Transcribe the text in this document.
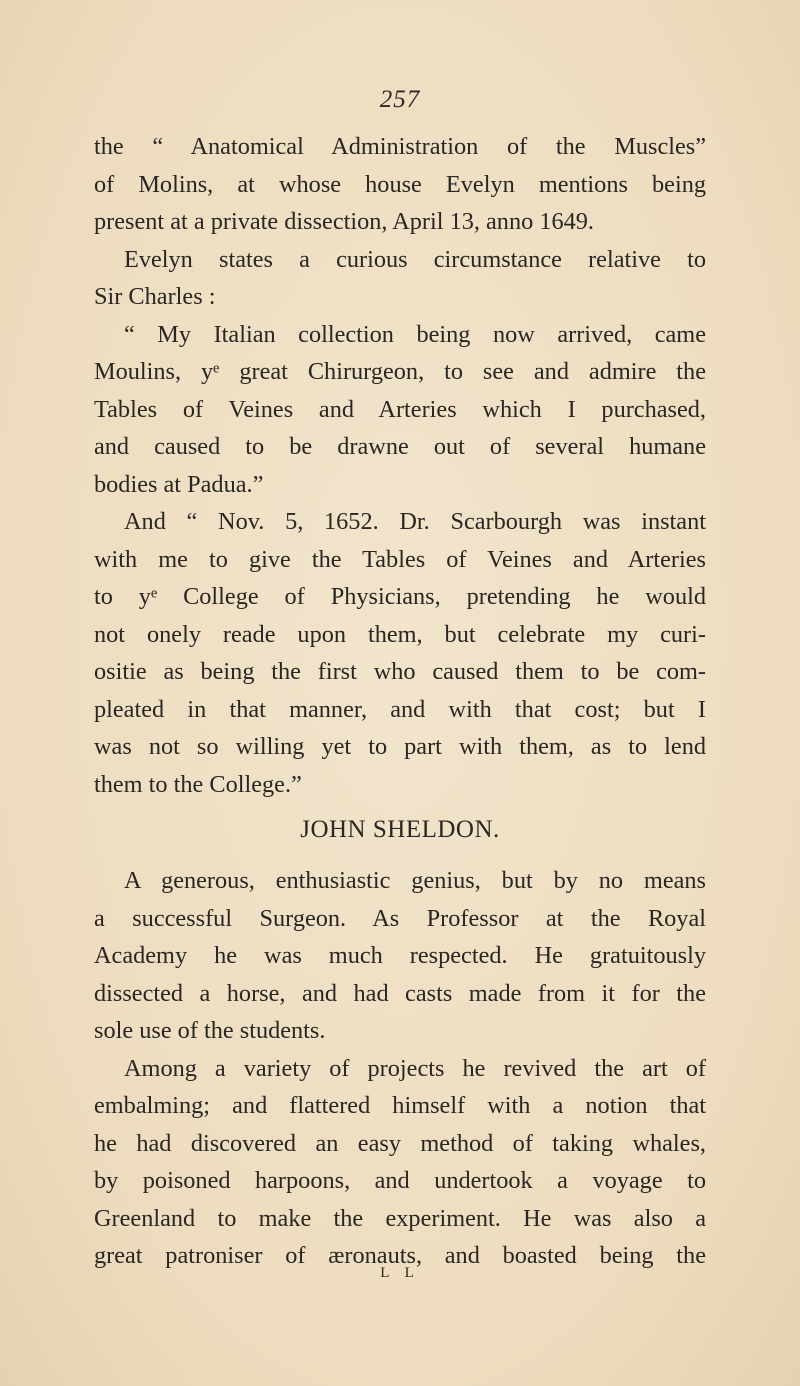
257
the “ Anatomical Administration of the Muscles”
of Molins, at whose house Evelyn mentions being
present at a private dissection, April 13, anno 1649.
Evelyn states a curious circumstance relative to
Sir Charles :
“ My Italian collection being now arrived, came
Moulins, yᵉ great Chirurgeon, to see and admire the
Tables of Veines and Arteries which I purchased,
and caused to be drawne out of several humane
bodies at Padua.”
And “ Nov. 5, 1652. Dr. Scarbourgh was instant
with me to give the Tables of Veines and Arteries
to yᵉ College of Physicians, pretending he would
not onely reade upon them, but celebrate my curi-
ositie as being the first who caused them to be com-
pleated in that manner, and with that cost; but I
was not so willing yet to part with them, as to lend
them to the College.”
JOHN SHELDON.
A generous, enthusiastic genius, but by no means
a successful Surgeon. As Professor at the Royal
Academy he was much respected. He gratuitously
dissected a horse, and had casts made from it for the
sole use of the students.
Among a variety of projects he revived the art of
embalming; and flattered himself with a notion that
he had discovered an easy method of taking whales,
by poisoned harpoons, and undertook a voyage to
Greenland to make the experiment. He was also a
great patroniser of æronauts, and boasted being the
L L
